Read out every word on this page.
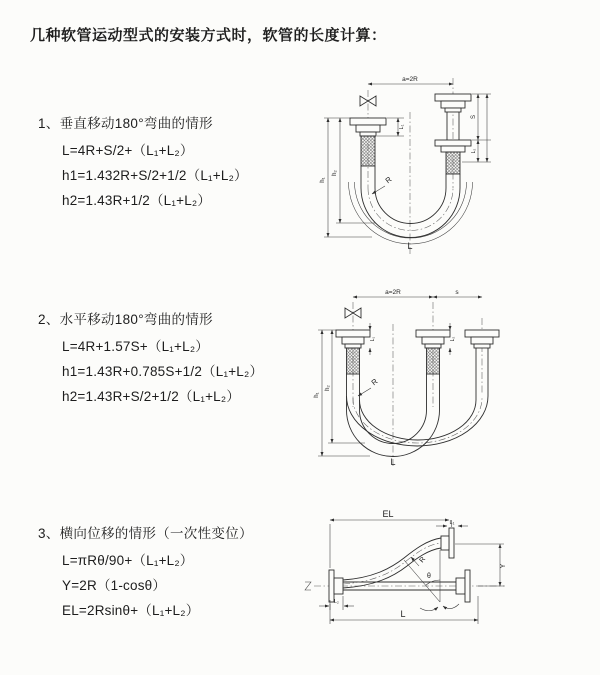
几种软管运动型式的安装方式时，软管的长度计算：
1、垂直移动180°弯曲的情形
L=4R+S/2+（L₁+L₂）
h1=1.432R+S/2+1/2（L₁+L₂）
h2=1.43R+1/2（L₁+L₂）
2、水平移动180°弯曲的情形
L=4R+1.57S+（L₁+L₂）
h1=1.43R+0.785S+1/2（L₁+L₂）
h2=1.43R+S/2+1/2（L₁+L₂）
3、横向位移的情形（一次性变位）
L=πRθ/90+（L₁+L₂）
Y=2R（1-cosθ）
EL=2Rsinθ+（L₁+L₂）
a=2R
h₁
h₂
L₁
S
L₂
R
L
a=2R	s
h₁
h₂
L₁	L₂
R
L
EL
L₁
Y
R
θ
L
L₂
